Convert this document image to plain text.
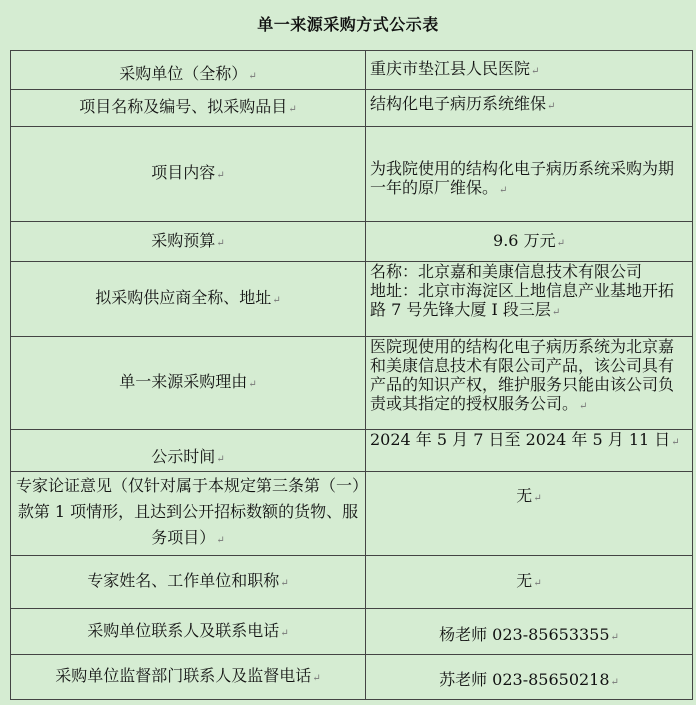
单一来源采购方式公示表
采购单位（全称）↵	重庆市垫江县人民医院↵
项目名称及编号、拟采购品目↵	结构化电子病历系统维保↵
项目内容↵	为我院使用的结构化电子病历系统采购为期一年的原厂维保。↵
采购预算↵	9.6 万元↵
拟采购供应商全称、地址↵	名称：北京嘉和美康信息技术有限公司
地址：北京市海淀区上地信息产业基地开拓路 7 号先锋大厦 I 段三层↵
单一来源采购理由↵	医院现使用的结构化电子病历系统为北京嘉和美康信息技术有限公司产品，该公司具有产品的知识产权，维护服务只能由该公司负责或其指定的授权服务公司。↵
公示时间↵	2024 年 5 月 7 日至 2024 年 5 月 11 日↵
专家论证意见（仅针对属于本规定第三条第（一）款第 1 项情形，且达到公开招标数额的货物、服务项目）↵	无↵
专家姓名、工作单位和职称↵	无↵
采购单位联系人及联系电话↵	杨老师 023-85653355↵
采购单位监督部门联系人及监督电话↵	苏老师 023-85650218↵
